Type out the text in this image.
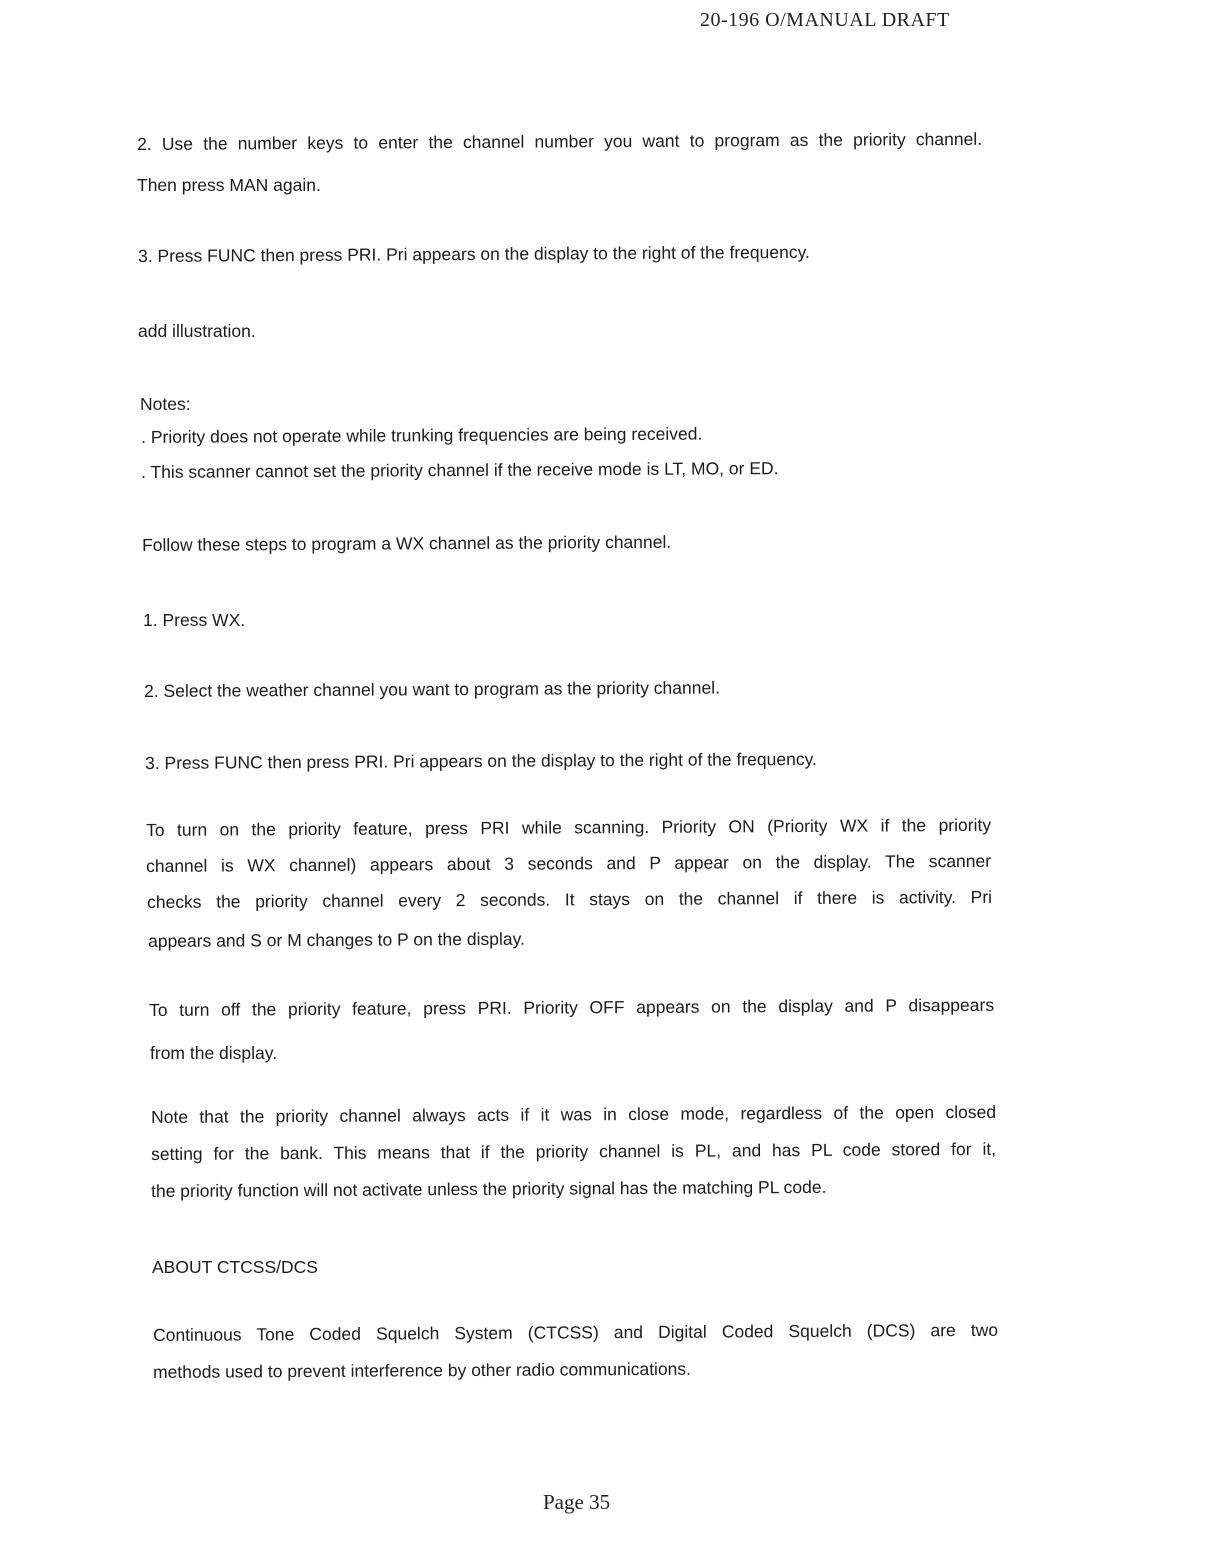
20-196 O/MANUAL DRAFT
2. Use the number keys to enter the channel number you want to program as the priority channel.
Then press MAN again.
3. Press FUNC then press PRI. Pri appears on the display to the right of the frequency.
add illustration.
Notes:
. Priority does not operate while trunking frequencies are being received.
. This scanner cannot set the priority channel if the receive mode is LT, MO, or ED.
Follow these steps to program a WX channel as the priority channel.
1. Press WX.
2. Select the weather channel you want to program as the priority channel.
3. Press FUNC then press PRI. Pri appears on the display to the right of the frequency.
To turn on the priority feature, press PRI while scanning. Priority ON (Priority WX if the priority
channel is WX channel) appears about 3 seconds and P appear on the display. The scanner
checks the priority channel every 2 seconds. It stays on the channel if there is activity. Pri
appears and S or M changes to P on the display.
To turn off the priority feature, press PRI. Priority OFF appears on the display and P disappears
from the display.
Note that the priority channel always acts if it was in close mode, regardless of the open closed
setting for the bank. This means that if the priority channel is PL, and has PL code stored for it,
the priority function will not activate unless the priority signal has the matching PL code.
ABOUT CTCSS/DCS
Continuous Tone Coded Squelch System (CTCSS) and Digital Coded Squelch (DCS) are two
methods used to prevent interference by other radio communications.
Page 35
